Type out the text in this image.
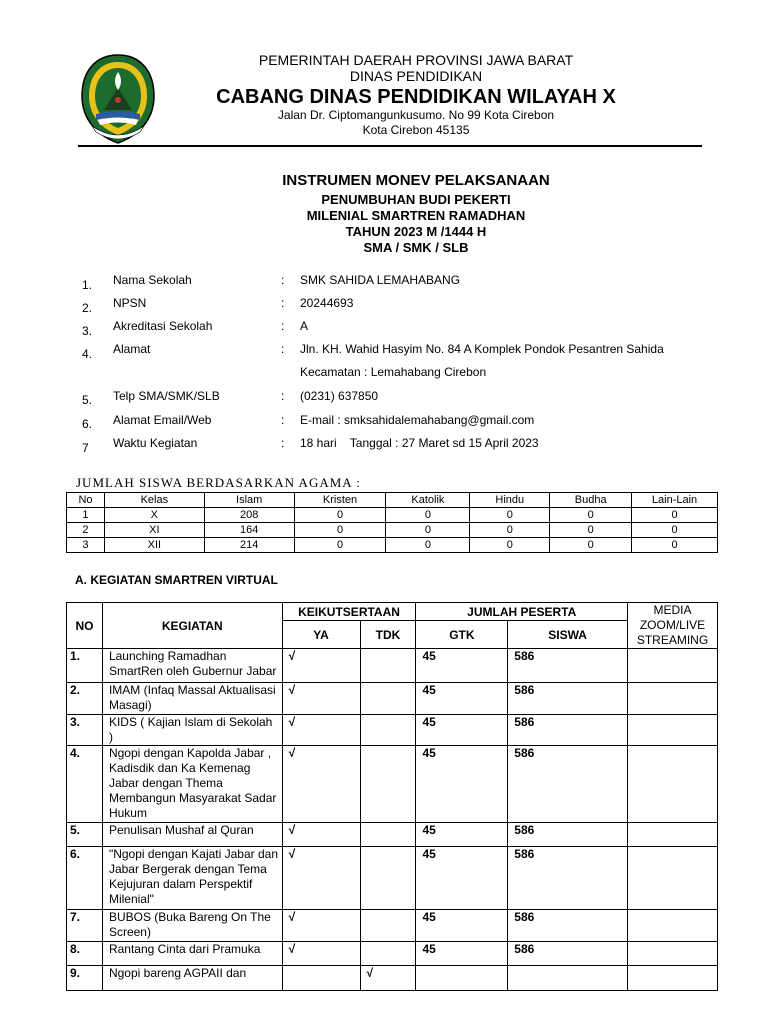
PEMERINTAH DAERAH PROVINSI JAWA BARAT
DINAS PENDIDIKAN
CABANG DINAS PENDIDIKAN WILAYAH X
Jalan Dr. Ciptomangunkusumo. No 99 Kota Cirebon
Kota Cirebon 45135
INSTRUMEN MONEV PELAKSANAAN
PENUMBUHAN BUDI PEKERTI
MILENIAL SMARTREN RAMADHAN
TAHUN 2023 M /1444 H
SMA / SMK / SLB
1.	Nama Sekolah	: SMK SAHIDA LEMAHABANG
2.	NPSN	: 20244693
3.	Akreditasi Sekolah	: A
4.	Alamat	: Jln. KH. Wahid Hasyim No. 84 A Komplek Pondok Pesantren Sahida
Kecamatan : Lemahabang Cirebon
5.	Telp SMA/SMK/SLB	: (0231) 637850
6.	Alamat Email/Web	: E-mail : smksahidalemahabang@gmail.com
7	Waktu Kegiatan	: 18 hari    Tanggal : 27 Maret sd 15 April 2023
JUMLAH SISWA BERDASARKAN AGAMA :
No	Kelas	Islam	Kristen	Katolik	Hindu	Budha	Lain-Lain
1	X	208	0	0	0	0	0
2	XI	164	0	0	0	0	0
3	XII	214	0	0	0	0	0
A. KEGIATAN SMARTREN VIRTUAL
NO	KEGIATAN	KEIKUTSERTAAN		JUMLAH PESERTA		MEDIA ZOOM/LIVE STREAMING
		YA	TDK	GTK	SISWA	
1.	Launching Ramadhan SmartRen oleh Gubernur Jabar	√		45	586	
2.	IMAM (Infaq Massal Aktualisasi Masagi)	√		45	586	
3.	KIDS ( Kajian Islam di Sekolah )	√		45	586	
4.	Ngopi dengan Kapolda Jabar , Kadisdik dan Ka Kemenag Jabar dengan Thema Membangun Masyarakat Sadar Hukum	√		45	586	
5.	Penulisan Mushaf al Quran	√		45	586	
6.	"Ngopi dengan Kajati Jabar dan Jabar Bergerak dengan Tema Kejujuran dalam Perspektif Milenial"	√		45	586	
7.	BUBOS (Buka Bareng On The Screen)	√		45	586	
8.	Rantang Cinta dari Pramuka	√		45	586	
9.	Ngopi bareng AGPAII dan		√			
